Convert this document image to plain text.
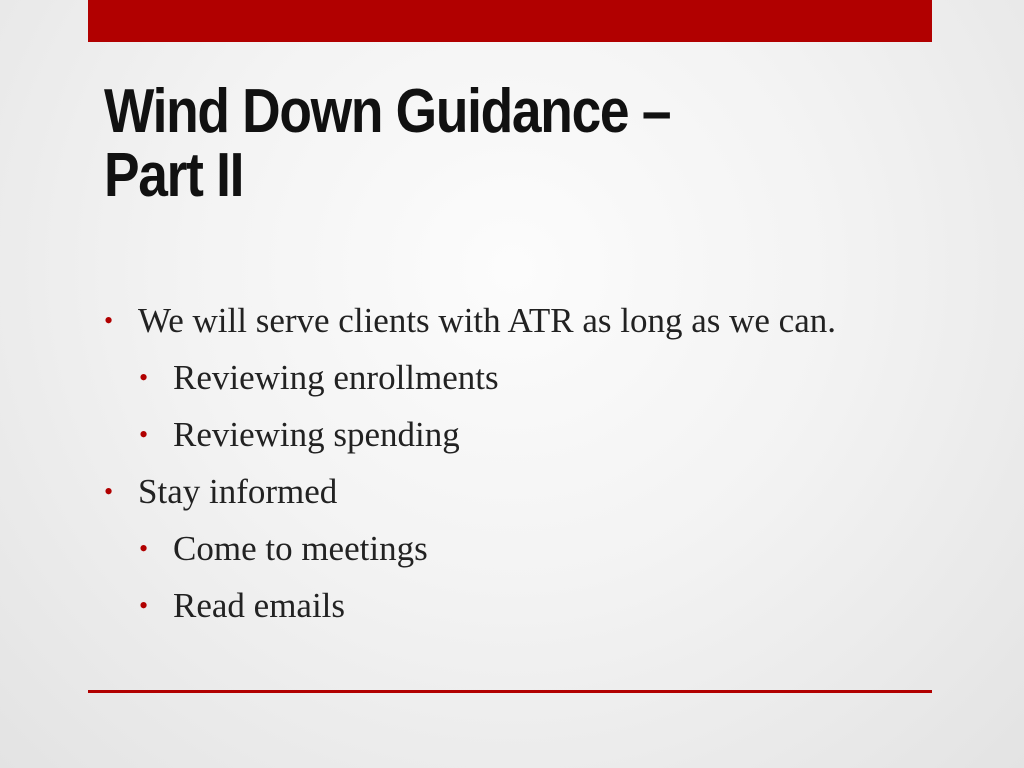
Wind Down Guidance –
Part II
• We will serve clients with ATR as long as we can.
• Reviewing enrollments
• Reviewing spending
• Stay informed
• Come to meetings
• Read emails
